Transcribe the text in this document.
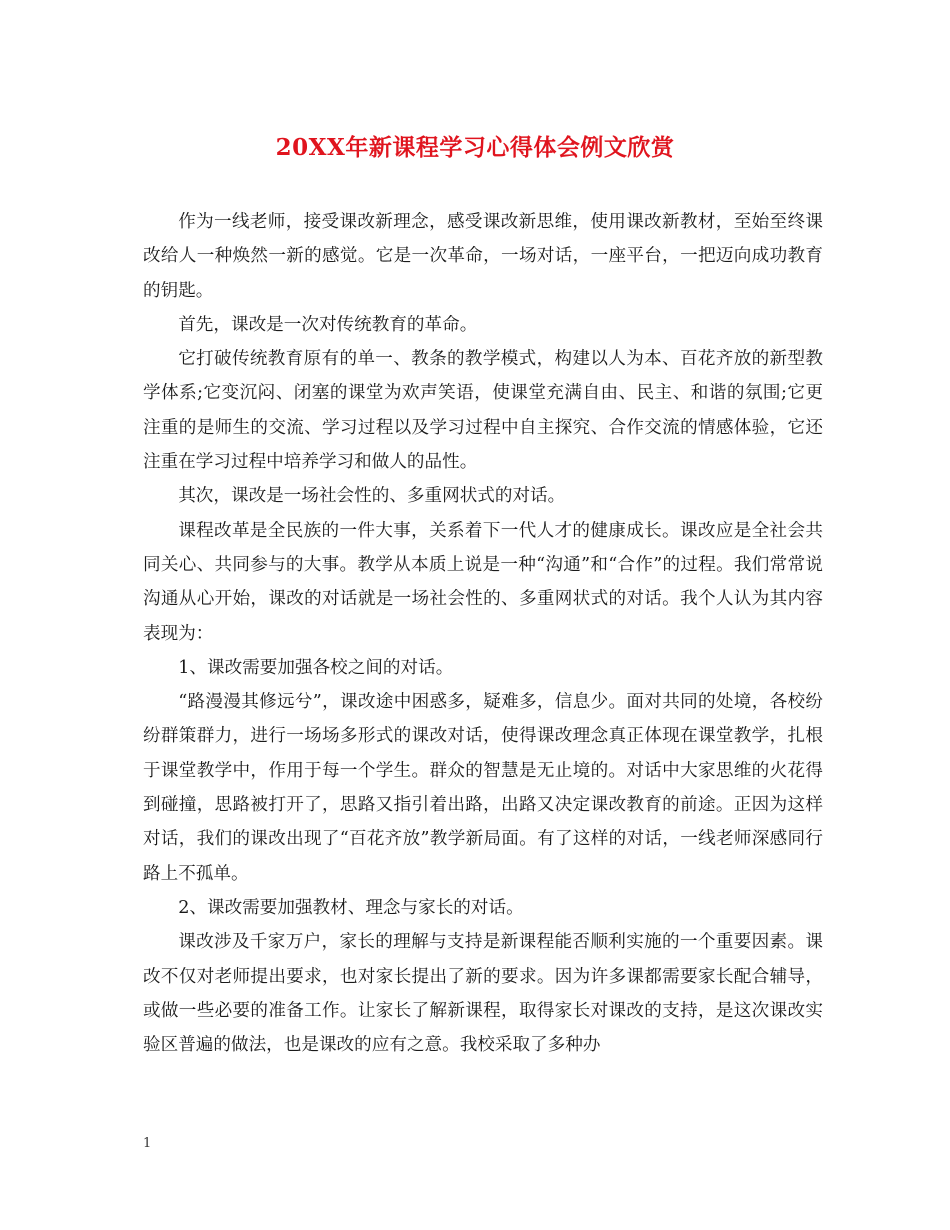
20XX年新课程学习心得体会例文欣赏

作为一线老师，接受课改新理念，感受课改新思维，使用课改新教材，至始至终课改给人一种焕然一新的感觉。它是一次革命，一场对话，一座平台，一把迈向成功教育的钥匙。

首先，课改是一次对传统教育的革命。

它打破传统教育原有的单一、教条的教学模式，构建以人为本、百花齐放的新型教学体系;它变沉闷、闭塞的课堂为欢声笑语，使课堂充满自由、民主、和谐的氛围;它更注重的是师生的交流、学习过程以及学习过程中自主探究、合作交流的情感体验，它还注重在学习过程中培养学习和做人的品性。

其次，课改是一场社会性的、多重网状式的对话。

课程改革是全民族的一件大事，关系着下一代人才的健康成长。课改应是全社会共同关心、共同参与的大事。教学从本质上说是一种“沟通”和“合作”的过程。我们常常说沟通从心开始，课改的对话就是一场社会性的、多重网状式的对话。我个人认为其内容表现为：

1、课改需要加强各校之间的对话。

“路漫漫其修远兮”，课改途中困惑多，疑难多，信息少。面对共同的处境，各校纷纷群策群力，进行一场场多形式的课改对话，使得课改理念真正体现在课堂教学，扎根于课堂教学中，作用于每一个学生。群众的智慧是无止境的。对话中大家思维的火花得到碰撞，思路被打开了，思路又指引着出路，出路又决定课改教育的前途。正因为这样对话，我们的课改出现了“百花齐放”教学新局面。有了这样的对话，一线老师深感同行路上不孤单。

2、课改需要加强教材、理念与家长的对话。

课改涉及千家万户，家长的理解与支持是新课程能否顺利实施的一个重要因素。课改不仅对老师提出要求，也对家长提出了新的要求。因为许多课都需要家长配合辅导，或做一些必要的准备工作。让家长了解新课程，取得家长对课改的支持，是这次课改实验区普遍的做法，也是课改的应有之意。我校采取了多种办

1
